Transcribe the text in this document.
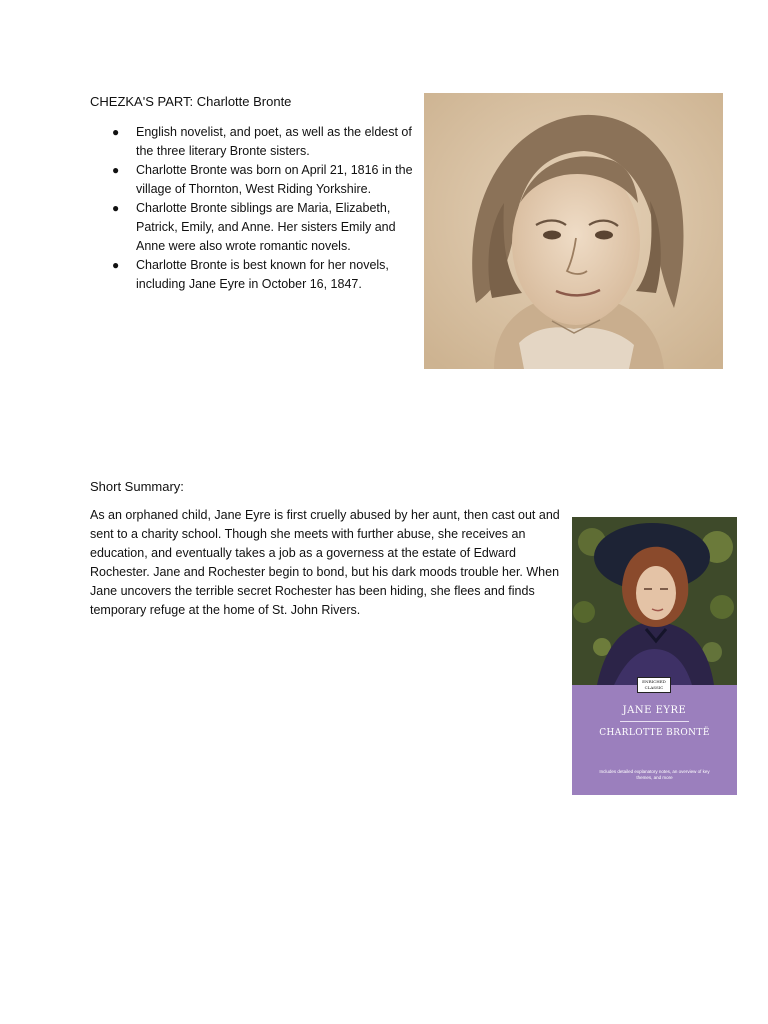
CHEZKA'S PART: Charlotte Bronte

● English novelist, and poet, as well as the eldest of the three literary Bronte sisters.
● Charlotte Bronte was born on April 21, 1816 in the village of Thornton, West Riding Yorkshire.
● Charlotte Bronte siblings are Maria, Elizabeth, Patrick, Emily, and Anne. Her sisters Emily and Anne were also wrote romantic novels.
● Charlotte Bronte is best known for her novels, including Jane Eyre in October 16, 1847.

Short Summary:

As an orphaned child, Jane Eyre is first cruelly abused by her aunt, then cast out and sent to a charity school. Though she meets with further abuse, she receives an education, and eventually takes a job as a governess at the estate of Edward Rochester. Jane and Rochester begin to bond, but his dark moods trouble her. When Jane uncovers the terrible secret Rochester has been hiding, she flees and finds temporary refuge at the home of St. John Rivers.

ENRICHED
CLASSIC
JANE EYRE
CHARLOTTE BRONTË
Includes detailed explanatory notes, an overview of key themes, and more
